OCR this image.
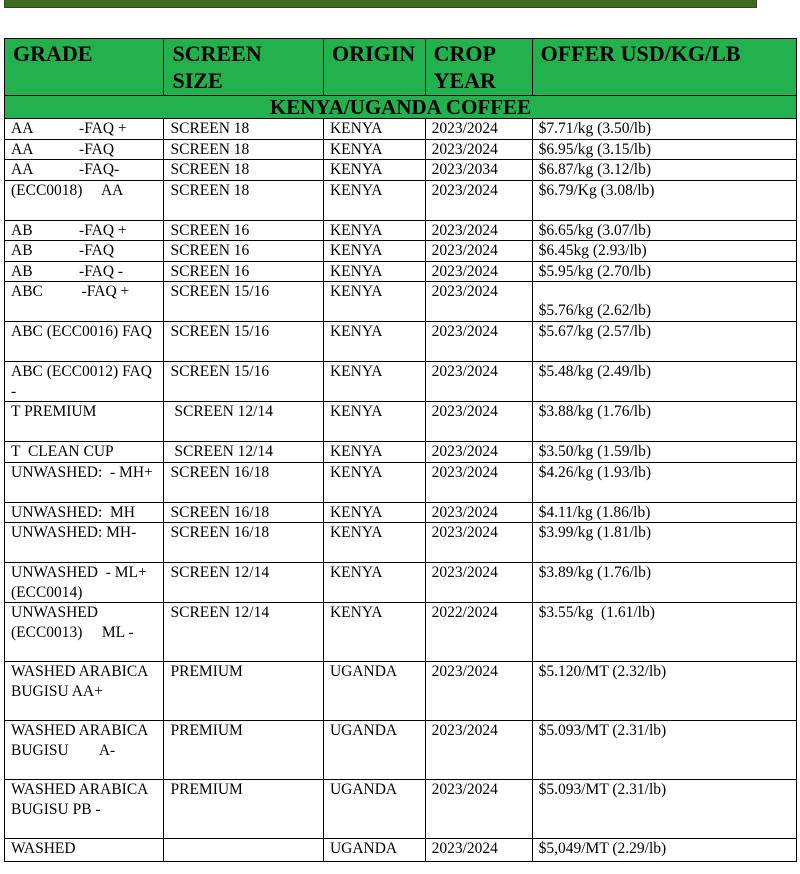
GRADE	SCREEN SIZE	ORIGIN	CROP YEAR	OFFER USD/KG/LB
KENYA/UGANDA COFFEE				
AA            -FAQ +	SCREEN 18	KENYA	2023/2024	$7.71/kg (3.50/lb)
AA            -FAQ	SCREEN 18	KENYA	2023/2024	$6.95/kg (3.15/lb)
AA            -FAQ-	SCREEN 18	KENYA	2023/2034	$6.87/kg (3.12/lb)
(ECC0018)     AA	SCREEN 18	KENYA	2023/2024	$6.79/Kg (3.08/lb)
AB            -FAQ +	SCREEN 16	KENYA	2023/2024	$6.65/kg (3.07/lb)
AB            -FAQ	SCREEN 16	KENYA	2023/2024	$6.45kg (2.93/lb)
AB            -FAQ -	SCREEN 16	KENYA	2023/2024	$5.95/kg (2.70/lb)
ABC          -FAQ +	SCREEN 15/16	KENYA	2023/2024	$5.76/kg (2.62/lb)

ABC (ECC0016) FAQ	SCREEN 15/16	KENYA	2023/2024	$5.67/kg (2.57/lb)
ABC (ECC0012) FAQ -	SCREEN 15/16	KENYA	2023/2024	$5.48/kg (2.49/lb)
T PREMIUM	SCREEN 12/14	KENYA	2023/2024	$3.88/kg (1.76/lb)
T  CLEAN CUP	SCREEN 12/14	KENYA	2023/2024	$3.50/kg (1.59/lb)
UNWASHED:  - MH+	SCREEN 16/18	KENYA	2023/2024	$4.26/kg (1.93/lb)
UNWASHED:  MH	SCREEN 16/18	KENYA	2023/2024	$4.11/kg (1.86/lb)
UNWASHED: MH-	SCREEN 16/18	KENYA	2023/2024	$3.99/kg (1.81/lb)
UNWASHED  - ML+ (ECC0014)	SCREEN 12/14	KENYA	2023/2024	$3.89/kg (1.76/lb)
UNWASHED (ECC0013)     ML -	SCREEN 12/14	KENYA	2022/2024	$3.55/kg  (1.61/lb)
WASHED ARABICA BUGISU AA+	PREMIUM	UGANDA	2023/2024	$5.120/MT (2.32/lb)
WASHED ARABICA BUGISU        A-	PREMIUM	UGANDA	2023/2024	$5.093/MT (2.31/lb)
WASHED ARABICA BUGISU PB -	PREMIUM	UGANDA	2023/2024	$5.093/MT (2.31/lb)
WASHED		UGANDA	2023/2024	$5,049/MT (2.29/lb)
